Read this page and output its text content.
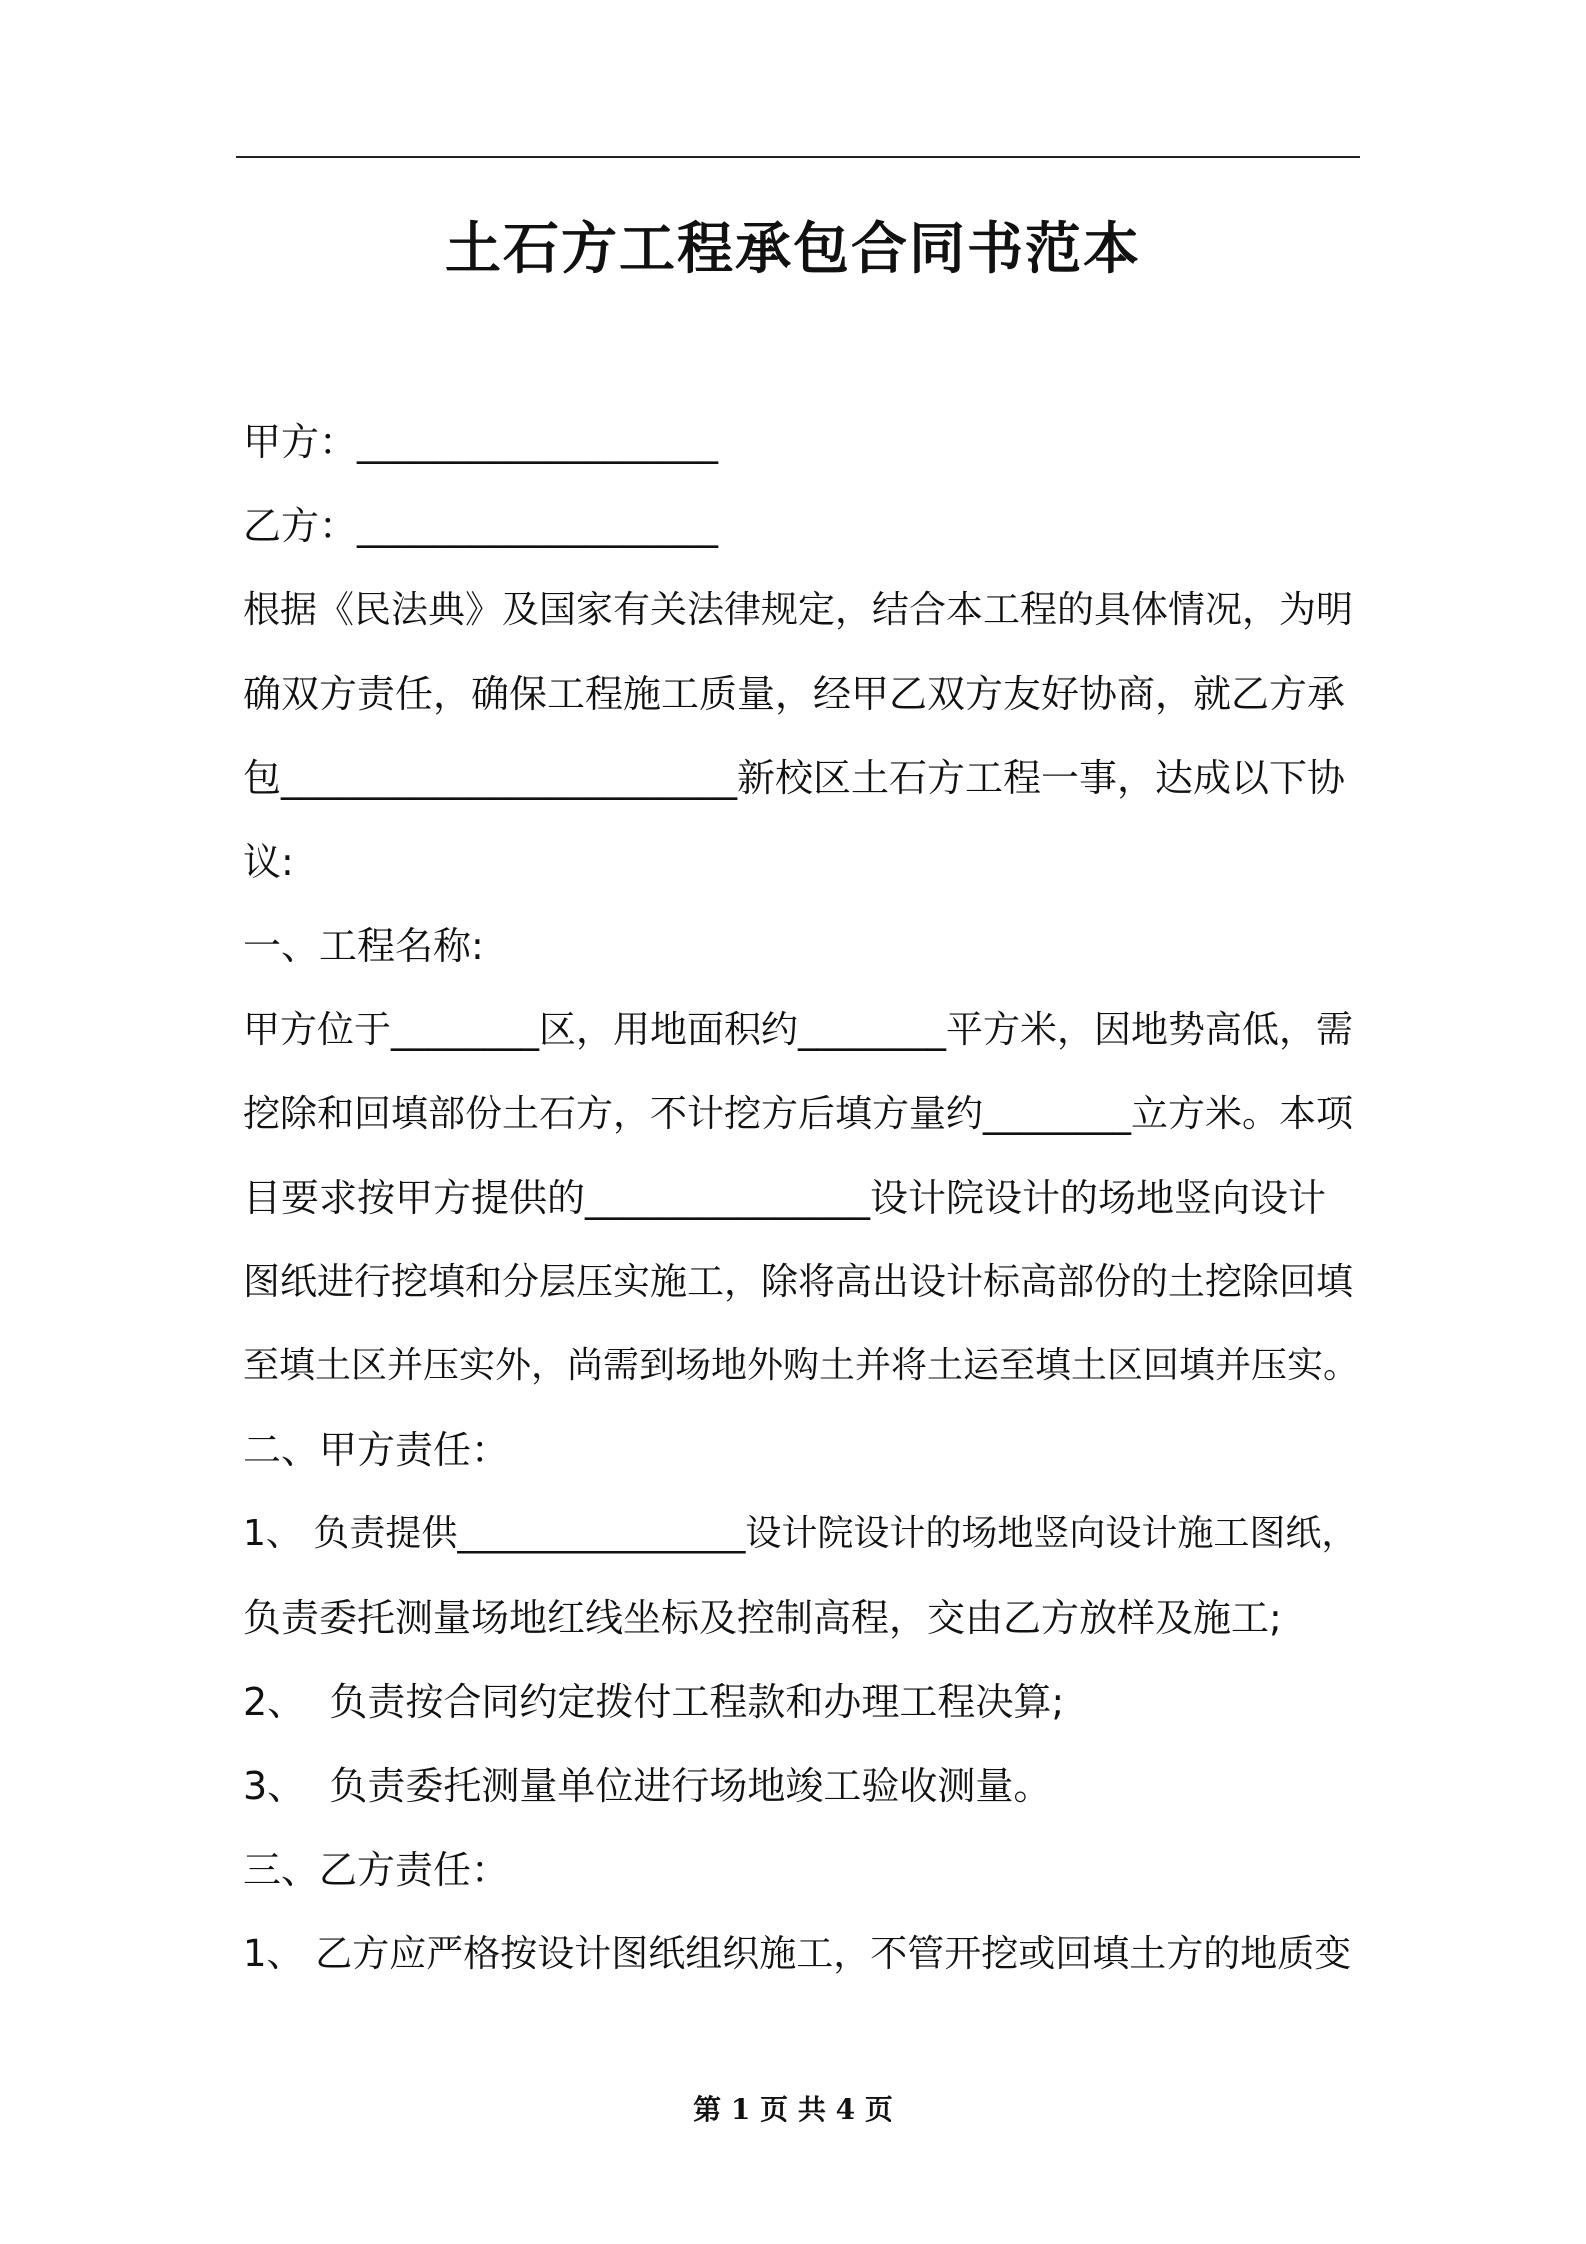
土石方工程承包合同书范本
甲方：___________________
乙方：___________________
根据《民法典》及国家有关法律规定，结合本工程的具体情况，为明
确双方责任，确保工程施工质量，经甲乙双方友好协商，就乙方承
包________________________新校区土石方工程一事，达成以下协
议:
一、工程名称:
甲方位于________区，用地面积约________平方米，因地势高低，需
挖除和回填部份土石方，不计挖方后填方量约________立方米。本项
目要求按甲方提供的_______________设计院设计的场地竖向设计
图纸进行挖填和分层压实施工，除将高出设计标高部份的土挖除回填
至填土区并压实外，尚需到场地外购土并将土运至填土区回填并压实。
二、甲方责任：
1、 负责提供________________设计院设计的场地竖向设计施工图纸，
负责委托测量场地红线坐标及控制高程，交由乙方放样及施工;
2、  负责按合同约定拨付工程款和办理工程决算;
3、  负责委托测量单位进行场地竣工验收测量。
三、乙方责任：
1、 乙方应严格按设计图纸组织施工，不管开挖或回填土方的地质变
第 1 页 共 4 页
